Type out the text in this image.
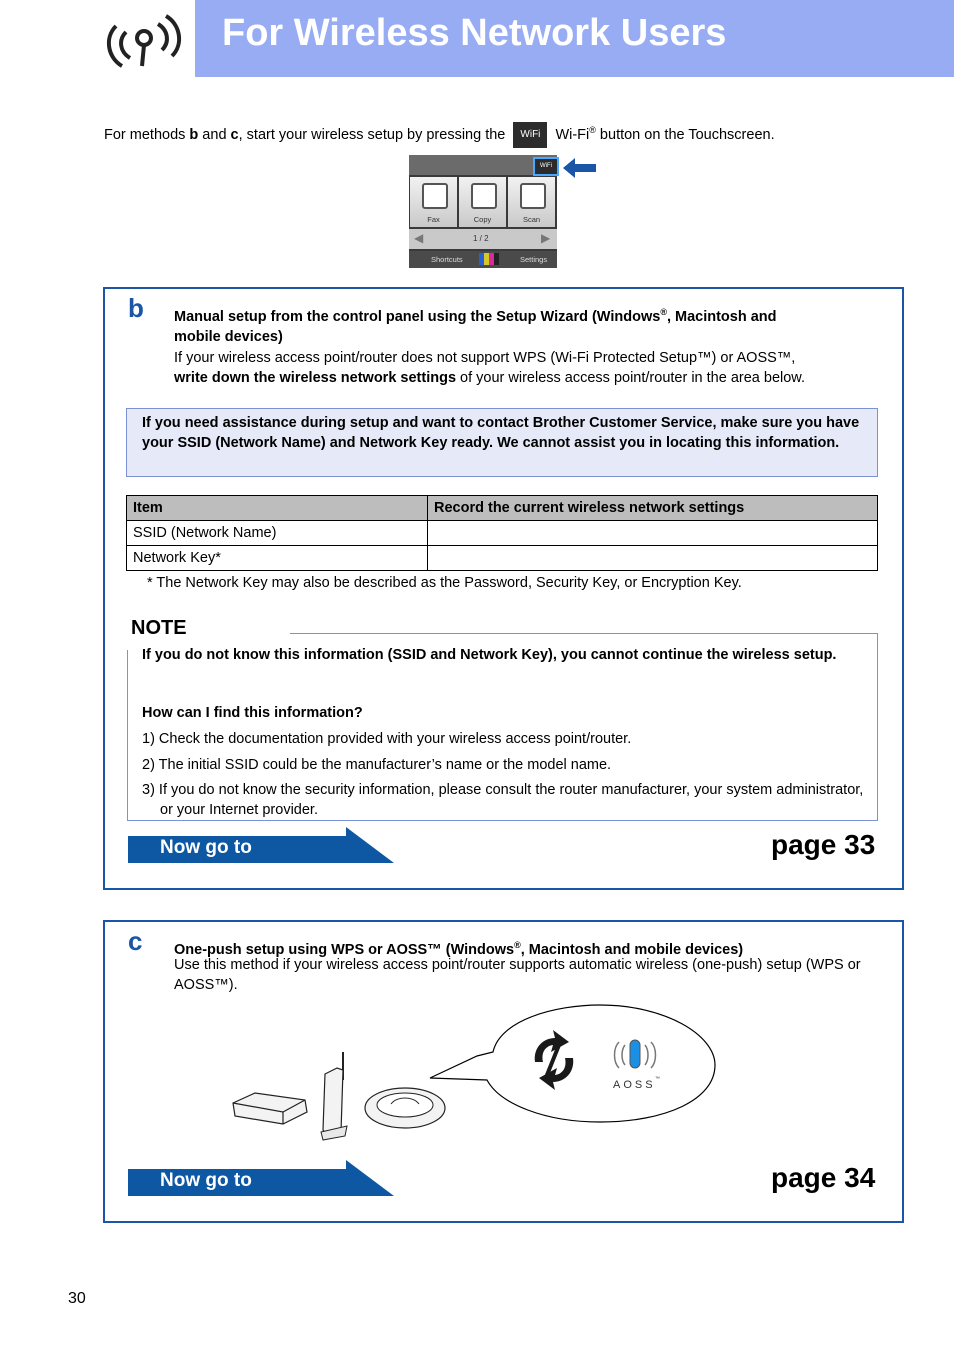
For Wireless Network Users
For methods b and c, start your wireless setup by pressing the WiFi Wi-Fi® button on the Touchscreen.
WiFi
Fax	Copy	Scan
◀	1 / 2	▶
Shortcuts	Settings
b Manual setup from the control panel using the Setup Wizard (Windows®, Macintosh and
mobile devices)
If your wireless access point/router does not support WPS (Wi-Fi Protected Setup™) or AOSS™,
write down the wireless network settings of your wireless access point/router in the area below.
If you need assistance during setup and want to contact Brother Customer Service, make sure you have your SSID (Network Name) and Network Key ready. We cannot assist you in locating this information.
Item	Record the current wireless network settings
SSID (Network Name)	
Network Key*	
* The Network Key may also be described as the Password, Security Key, or Encryption Key.
NOTE
If you do not know this information (SSID and Network Key), you cannot continue the wireless setup.
How can I find this information?
1) Check the documentation provided with your wireless access point/router.
2) The initial SSID could be the manufacturer’s name or the model name.
3) If you do not know the security information, please consult the router manufacturer, your system administrator, or your Internet provider.
Now go to	page 33
c One-push setup using WPS or AOSS™ (Windows®, Macintosh and mobile devices)
Use this method if your wireless access point/router supports automatic wireless (one-push) setup (WPS or AOSS™).
AOSS ™
Now go to	page 34
30
